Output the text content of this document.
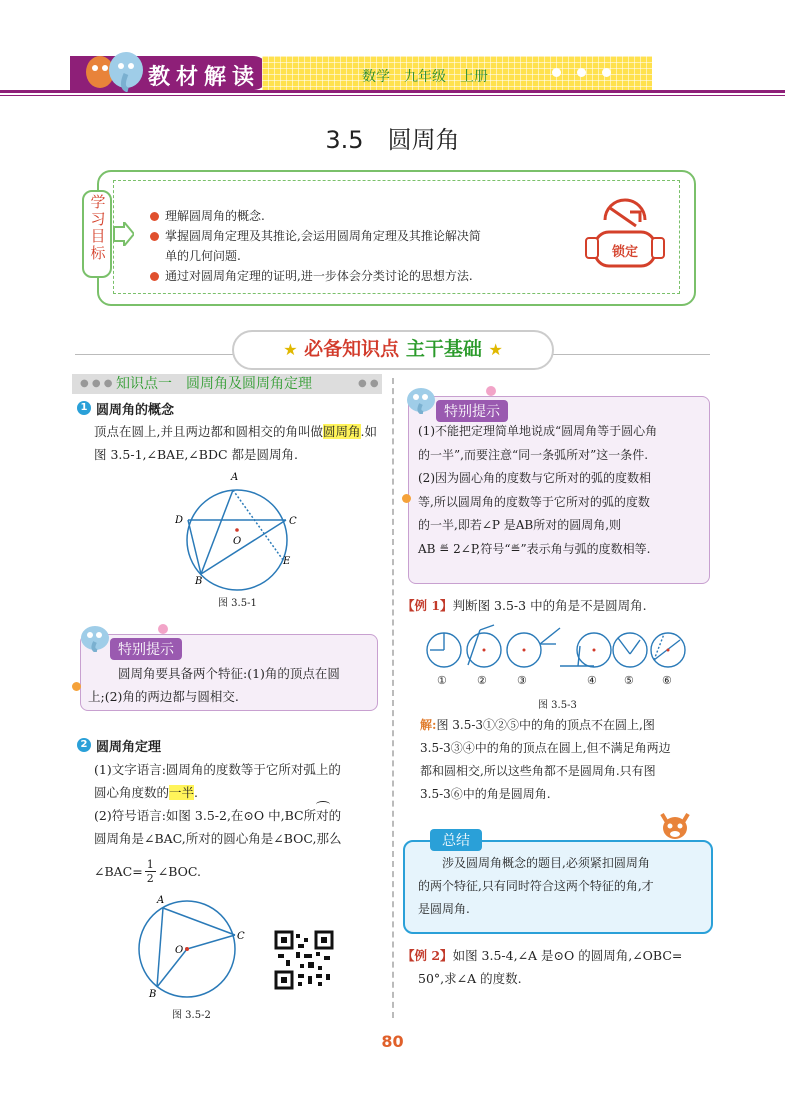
教材解读	数学 九年级 上册
3.5　圆周角
学习目标	理解圆周角的概念.
掌握圆周角定理及其推论,会运用圆周角定理及其推论解决简
单的几何问题.
通过对圆周角定理的证明,进一步体会分类讨论的思想方法.
锁定
★ 必备知识点 主干基础 ★
● ● ●	● ●
知识点一　圆周角及圆周角定理
1 圆周角的概念
顶点在圆上,并且两边都和圆相交的角叫做圆周角.如图 3.5-1,∠BAE,∠BDC 都是圆周角.
A
D	C
O
E
B
图 3.5-1
特别提示
圆周角要具备两个特征:(1)角的顶点在圆
上;(2)角的两边都与圆相交.
2 圆周角定理
(1)文字语言:圆周角的度数等于它所对弧上的
圆心角度数的一半.
(2)符号语言:如图 3.5-2,在⊙O 中,BC所对的
圆周角是∠BAC,所对的圆心角是∠BOC,那么
∠BAC= $\frac{1}{2}$ ∠BOC.
A
C
O
B
图 3.5-2
特别提示
(1)不能把定理简单地说成“圆周角等于圆心角
的一半”,而要注意“同一条弧所对”这一条件.
(2)因为圆心角的度数与它所对的弧的度数相
等,所以圆周角的度数等于它所对的弧的度数
的一半,即若∠P 是AB所对的圆周角,则
AB ≝ 2∠P,符号“≝”表示角与弧的度数相等.
【例 1】判断图 3.5-3 中的角是不是圆周角.
①	②	③	④ ⑤	⑥
图 3.5-3
解:图 3.5-3①②⑤中的角的顶点不在圆上,图
3.5-3③④中的角的顶点在圆上,但不满足角两边
都和圆相交,所以这些角都不是圆周角.只有图
3.5-3⑥中的角是圆周角.
总结
涉及圆周角概念的题目,必须紧扣圆周角
的两个特征,只有同时符合这两个特征的角,才
是圆周角.
【例 2】如图 3.5-4,∠A 是⊙O 的圆周角,∠OBC=
50°,求∠A 的度数.
80
